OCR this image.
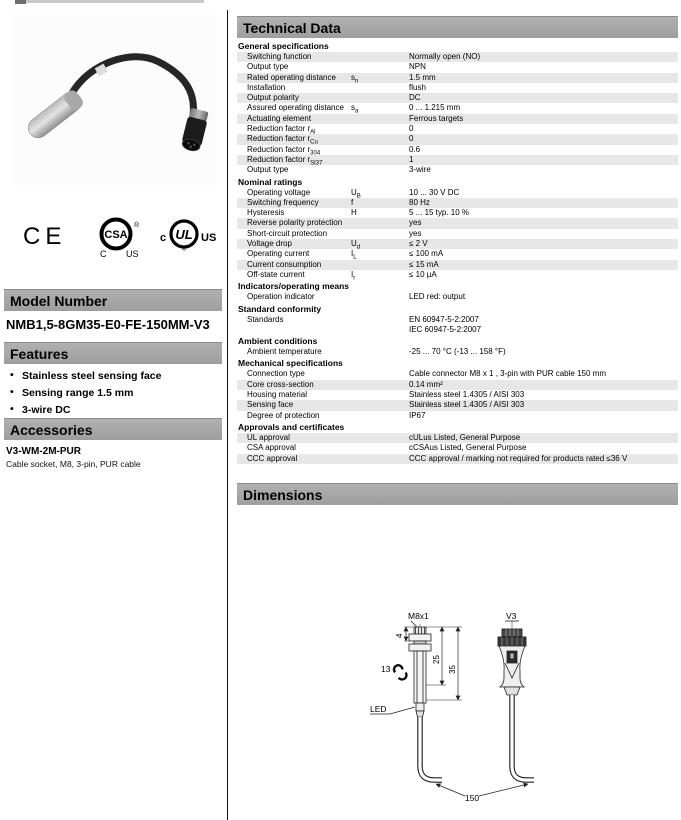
CE	CSA
®
C US
c UL
®
US
Model Number
NMB1,5-8GM35-E0-FE-150MM-V3
Features
• Stainless steel sensing face
• Sensing range 1.5 mm
• 3-wire DC
Accessories
V3-WM-2M-PUR
Cable socket, M8, 3-pin, PUR cable
Technical Data
General specifications
Switching function	Normally open (NO)
Output type	NPN
Rated operating distance	$s_n$	1.5 mm
Installation	flush
Output polarity	DC
Assured operating distance $s_a$	0 ... 1.215 mm
Actuating element	Ferrous targets
Reduction factor $r_{Al}$	0
Reduction factor $r_{Cu}$	0
Reduction factor $r_{304}$	0.6
Reduction factor $r_{St37}$	1
Output type	3-wire
Nominal ratings
Operating voltage	$U_B$	10 ... 30 V DC
Switching frequency	f	80 Hz
Hysteresis	H	5 ... 15 typ. 10 %
Reverse polarity protection	yes
Short-circuit protection	yes
Voltage drop	$U_d$	≤ 2 V
Operating current	$I_L$	≤ 100 mA
Current consumption	≤ 15 mA
Off-state current	$I_r$	≤ 10 µA
Indicators/operating means
Operation indicator	LED red: output
Standard conformity
Standards	EN 60947-5-2:2007
IEC 60947-5-2:2007
Ambient conditions
Ambient temperature	-25 ... 70 °C (-13 ... 158 °F)
Mechanical specifications
Connection type	Cable connector M8 x 1 , 3-pin with PUR cable 150 mm
Core cross-section	0.14 mm²
Housing material	Stainless steel 1.4305 / AISI 303
Sensing face	Stainless steel 1.4305 / AISI 303
Degree of protection	IP67
Approvals and certificates
UL approval	cULus Listed, General Purpose
CSA approval	cCSAus Listed, General Purpose
CCC approval	CCC approval / marking not required for products rated ≤36 V
Dimensions
M8x1
4
13
25
35
LED
V3
150
